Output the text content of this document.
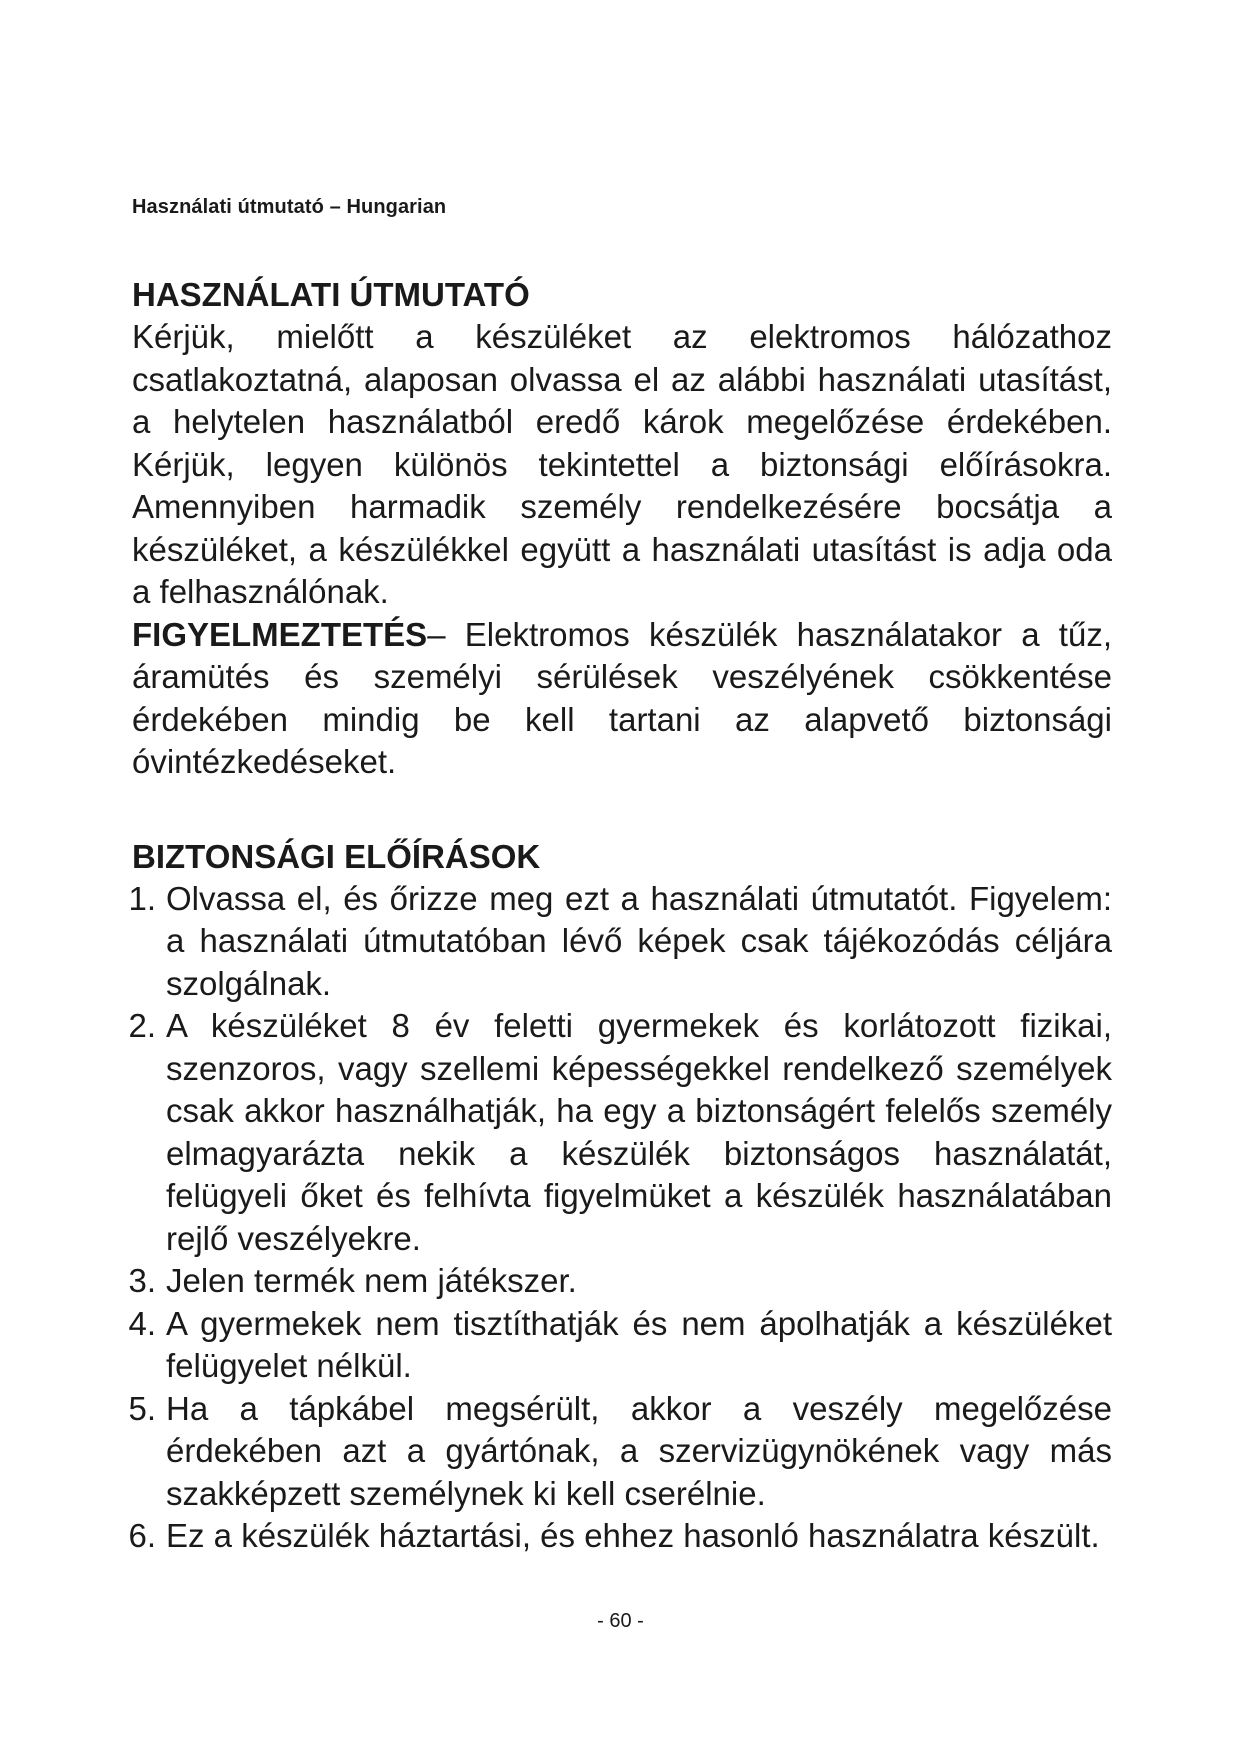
Használati útmutató – Hungarian
HASZNÁLATI ÚTMUTATÓ

Kérjük, mielőtt a készüléket az elektromos hálózathoz csatlakoztatná, alaposan olvassa el az alábbi használati utasítást, a helytelen használatból eredő károk megelőzése érdekében. Kérjük, legyen különös tekintettel a biztonsági előírásokra. Amennyiben harmadik személy rendelkezésére bocsátja a készüléket, a készülékkel együtt a használati utasítást is adja oda a felhasználónak.

FIGYELMEZTETÉS– Elektromos készülék használatakor a tűz, áramütés és személyi sérülések veszélyének csökkentése érdekében mindig be kell tartani az alapvető biztonsági óvintézkedéseket.

BIZTONSÁGI ELŐÍRÁSOK
1. Olvassa el, és őrizze meg ezt a használati útmutatót. Figyelem: a használati útmutatóban lévő képek csak tájékozódás céljára szolgálnak.
2. A készüléket 8 év feletti gyermekek és korlátozott fizikai, szenzoros, vagy szellemi képességekkel rendelkező személyek csak akkor használhatják, ha egy a biztonságért felelős személy elmagyarázta nekik a készülék biztonságos használatát, felügyeli őket és felhívta figyelmüket a készülék használatában rejlő veszélyekre.
3. Jelen termék nem játékszer.
4. A gyermekek nem tisztíthatják és nem ápolhatják a készüléket felügyelet nélkül.
5. Ha a tápkábel megsérült, akkor a veszély megelőzése érdekében azt a gyártónak, a szervizügynökének vagy más szakképzett személynek ki kell cserélnie.
6. Ez a készülék háztartási, és ehhez hasonló használatra készült.
- 60 -
